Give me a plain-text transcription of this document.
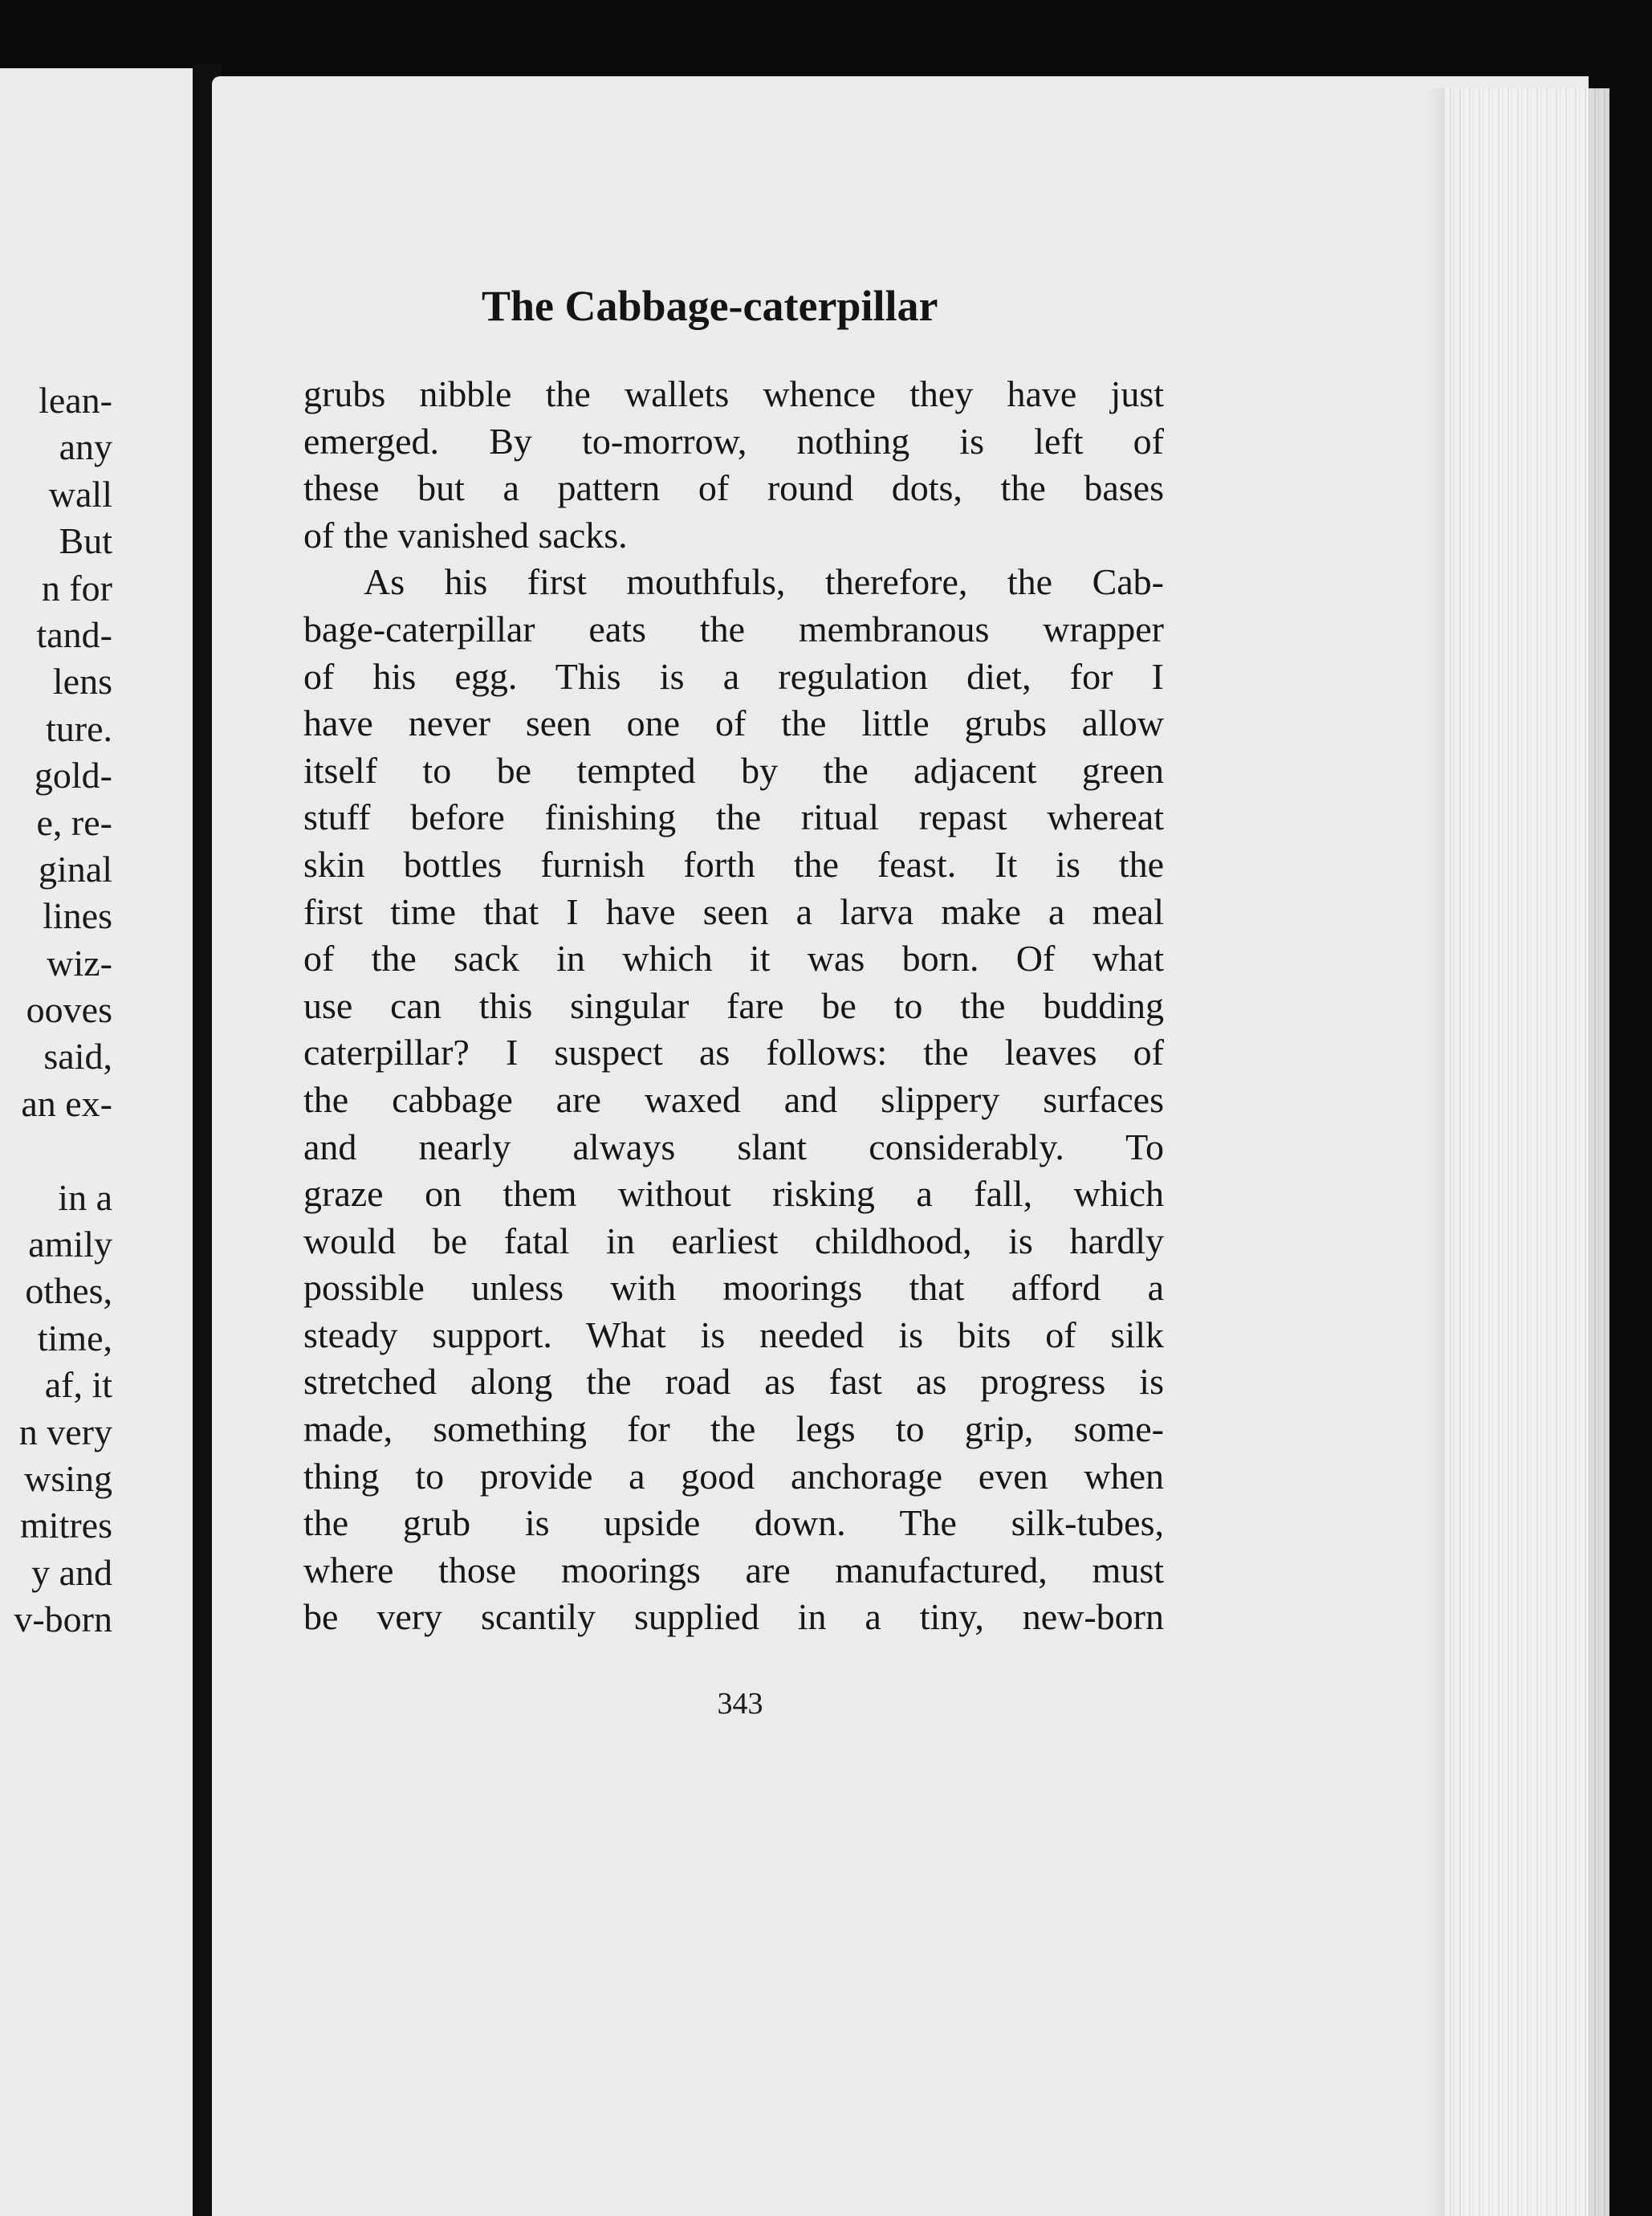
lean-
any
wall
But
n for
tand-
lens
ture.
gold-
e, re-
ginal
lines
wiz-
ooves
said,
an ex-
in a
amily
othes,
time,
af, it
n very
wsing
mitres
y and
v-born
The Cabbage-caterpillar
grubs nibble the wallets whence they have just
emerged. By to-morrow, nothing is left of
these but a pattern of round dots, the bases
of the vanished sacks.
As his first mouthfuls, therefore, the Cab-
bage-caterpillar eats the membranous wrapper
of his egg. This is a regulation diet, for I
have never seen one of the little grubs allow
itself to be tempted by the adjacent green
stuff before finishing the ritual repast whereat
skin bottles furnish forth the feast. It is the
first time that I have seen a larva make a meal
of the sack in which it was born. Of what
use can this singular fare be to the budding
caterpillar? I suspect as follows: the leaves of
the cabbage are waxed and slippery surfaces
and nearly always slant considerably. To
graze on them without risking a fall, which
would be fatal in earliest childhood, is hardly
possible unless with moorings that afford a
steady support. What is needed is bits of silk
stretched along the road as fast as progress is
made, something for the legs to grip, some-
thing to provide a good anchorage even when
the grub is upside down. The silk-tubes,
where those moorings are manufactured, must
be very scantily supplied in a tiny, new-born
343
